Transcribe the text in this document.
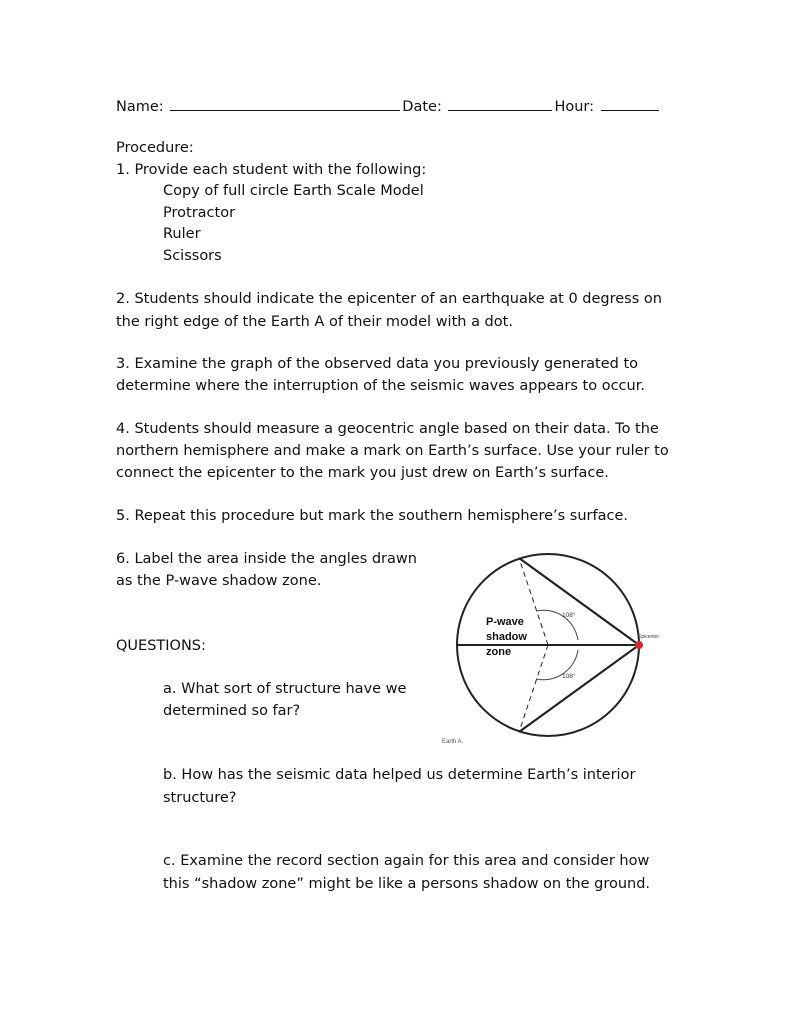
Name:	Date:	Hour:
Procedure:
1. Provide each student with the following:
Copy of full circle Earth Scale Model
Protractor
Ruler
Scissors
2. Students should indicate the epicenter of an earthquake at 0 degress on
the right edge of the Earth A of their model with a dot.
3. Examine the graph of the observed data you previously generated to
determine where the interruption of the seismic waves appears to occur.
4. Students should measure a geocentric angle based on their data. To the
northern hemisphere and make a mark on Earth’s surface. Use your ruler to
connect the epicenter to the mark you just drew on Earth’s surface.
5. Repeat this procedure but mark the southern hemisphere’s surface.
6. Label the area inside the angles drawn
as the P-wave shadow zone.
QUESTIONS:
a. What sort of structure have we
determined so far?
b. How has the seismic data helped us determine Earth’s interior
structure?
c. Examine the record section again for this area and consider how
this “shadow zone” might be like a persons shadow on the ground.
108°
108°
P-wave
shadow
zone
Epicenter
Earth A.
